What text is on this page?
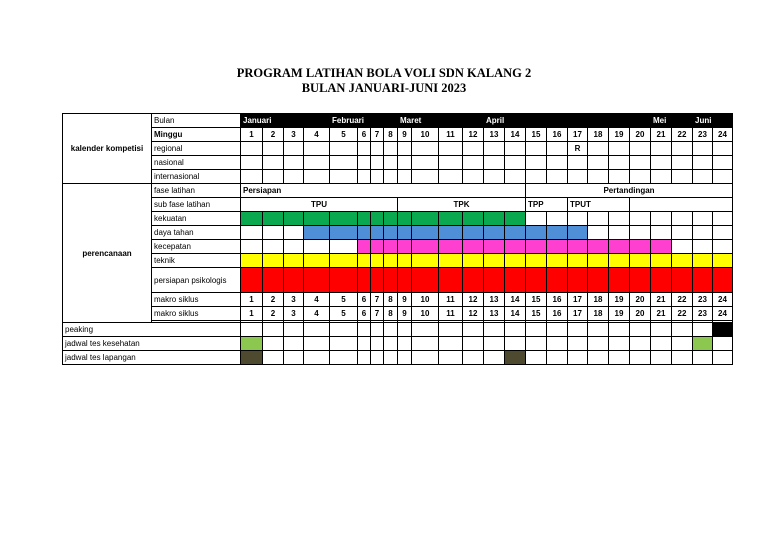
PROGRAM LATIHAN BOLA VOLI SDN KALANG 2
BULAN JANUARI-JUNI 2023
kalender kompetisi	Bulan	Januari				Februari				Maret				April								Mei		Juni	
	Minggu	1	2	3	4	5	6	7	8	9	10	11	12	13	14	15	16	17	18	19	20	21	22	23	24
	regional																	R							
	nasional																								
	internasional																								
perencanaan	fase latihan	Persiapan														Pertandingan									
	sub fase latihan	TPU								TPK						TPP		TPUT							
	kekuatan																								
	daya tahan																								
	kecepatan																								
	teknik																								
	persiapan psikologis																								
	makro siklus	1	2	3	4	5	6	7	8	9	10	11	12	13	14	15	16	17	18	19	20	21	22	23	24
	makro siklus	1	2	3	4	5	6	7	8	9	10	11	12	13	14	15	16	17	18	19	20	21	22	23	24

peaking																									
jadwal tes kesehatan																									
jadwal tes lapangan																									
